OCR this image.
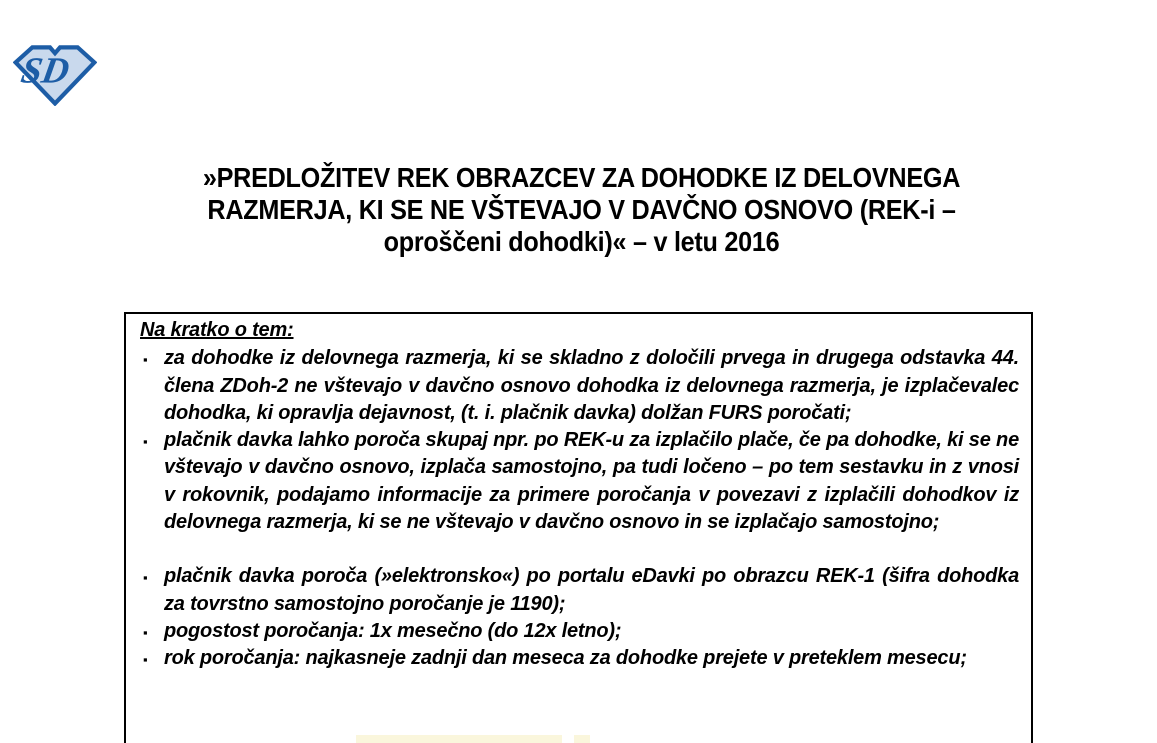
SD
»PREDLOŽITEV REK OBRAZCEV ZA DOHODKE IZ DELOVNEGA
RAZMERJA, KI SE NE VŠTEVAJO V DAVČNO OSNOVO (REK-i –
oproščeni dohodki)« – v letu 2016
Na kratko o tem:
▪ za dohodke iz delovnega razmerja, ki se skladno z določili prvega in drugega odstavka 44. člena ZDoh-2 ne vštevajo v davčno osnovo dohodka iz delovnega razmerja, je izplačevalec dohodka, ki opravlja dejavnost, (t. i. plačnik davka) dolžan FURS poročati;
▪ plačnik davka lahko poroča skupaj npr. po REK-u za izplačilo plače, če pa dohodke, ki se ne vštevajo v davčno osnovo, izplača samostojno, pa tudi ločeno – po tem sestavku in z vnosi v rokovnik, podajamo informacije za primere poročanja v povezavi z izplačili dohodkov iz delovnega razmerja, ki se ne vštevajo v davčno osnovo in se izplačajo samostojno;
▪ plačnik davka poroča (»elektronsko«) po portalu eDavki po obrazcu REK-1 (šifra dohodka za tovrstno samostojno poročanje je 1190);
▪ pogostost poročanja: 1x mesečno (do 12x letno);
▪ rok poročanja: najkasneje zadnji dan meseca za dohodke prejete v preteklem mesecu;
